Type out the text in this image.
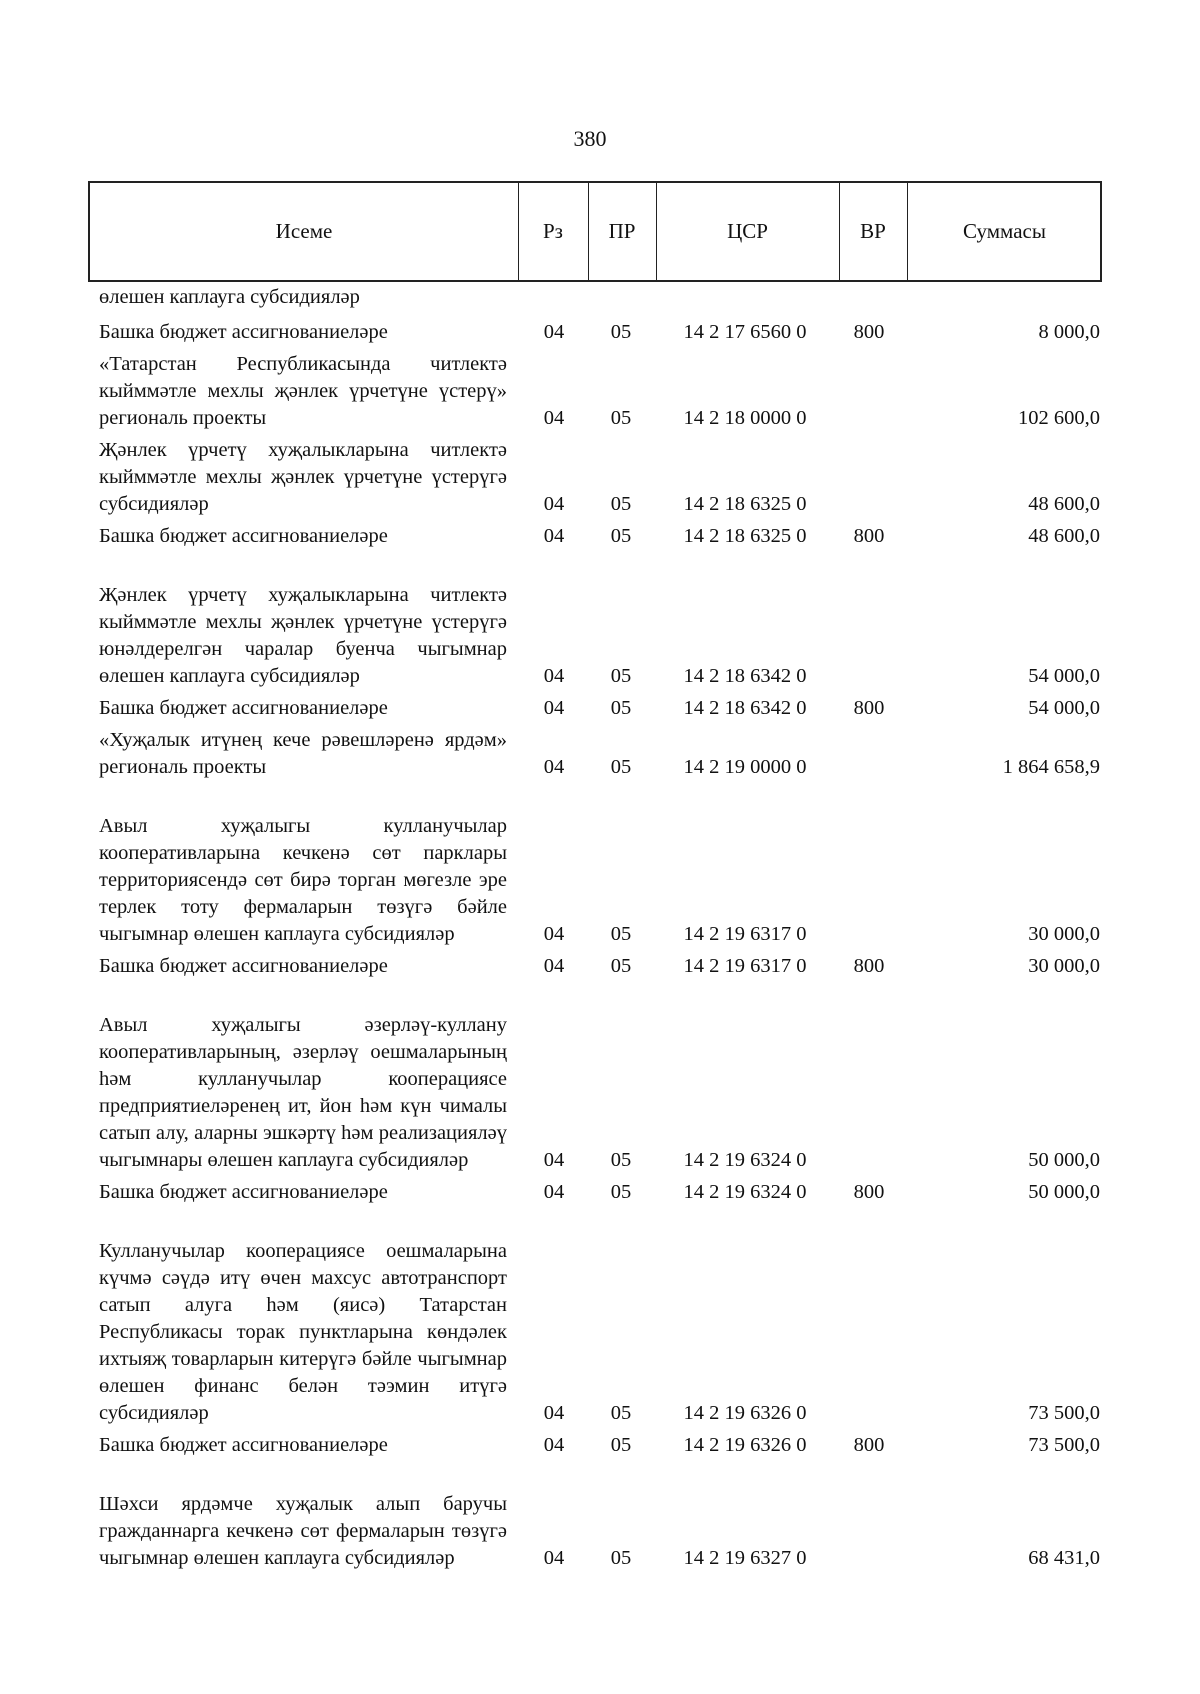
380
Исеме	Рз	ПР	ЦСР	ВР	Суммасы
өлешен каплауга субсидияләр
Башка бюджет ассигнованиеләре	04 05	14 2 17 6560 0	800	8 000,0
«Татарстан Республикасында читлектә кыйммәтле мехлы җәнлек үрчетүне үстерү» региональ проекты	04 05	14 2 18 0000 0	102 600,0
Җәнлек үрчетү хуҗалыкларына читлектә кыйммәтле мехлы җәнлек үрчетүне үстерүгә субсидияләр	04 05	14 2 18 6325 0	48 600,0
Башка бюджет ассигнованиеләре	04 05	14 2 18 6325 0	800	48 600,0
Җәнлек үрчетү хуҗалыкларына читлектә кыйммәтле мехлы җәнлек үрчетүне үстерүгә юнәлдерелгән чаралар буенча чыгымнар өлешен каплауга субсидияләр	04 05	14 2 18 6342 0	54 000,0
Башка бюджет ассигнованиеләре	04 05	14 2 18 6342 0	800	54 000,0
«Хуҗалык итүнең кече рәвешләренә ярдәм» региональ проекты	04 05	14 2 19 0000 0	1 864 658,9
Авыл хуҗалыгы кулланучылар кооперативларына кечкенә сөт парклары территориясендә сөт бирә торган мөгезле эре терлек тоту фермаларын төзүгә бәйле чыгымнар өлешен каплауга субсидияләр	04 05	14 2 19 6317 0	30 000,0
Башка бюджет ассигнованиеләре	04 05	14 2 19 6317 0	800	30 000,0
Авыл хуҗалыгы әзерләү-куллану кооперативларының, әзерләү оешмаларының һәм кулланучылар кооперациясе предприятиеләренең ит, йон һәм күн чималы сатып алу, аларны эшкәртү һәм реализацияләү чыгымнары өлешен каплауга субсидияләр	04 05	14 2 19 6324 0	50 000,0
Башка бюджет ассигнованиеләре	04 05	14 2 19 6324 0	800	50 000,0
Кулланучылар кооперациясе оешмаларына күчмә сәүдә итү өчен махсус автотранспорт сатып алуга һәм (яисә) Татарстан Республикасы торак пунктларына көндәлек ихтыяҗ товарларын китерүгә бәйле чыгымнар өлешен финанс белән тәэмин итүгә субсидияләр	04 05	14 2 19 6326 0	73 500,0
Башка бюджет ассигнованиеләре	04 05	14 2 19 6326 0	800	73 500,0
Шәхси ярдәмче хуҗалык алып баручы гражданнарга кечкенә сөт фермаларын төзүгә чыгымнар өлешен каплауга субсидияләр	04 05	14 2 19 6327 0	68 431,0
